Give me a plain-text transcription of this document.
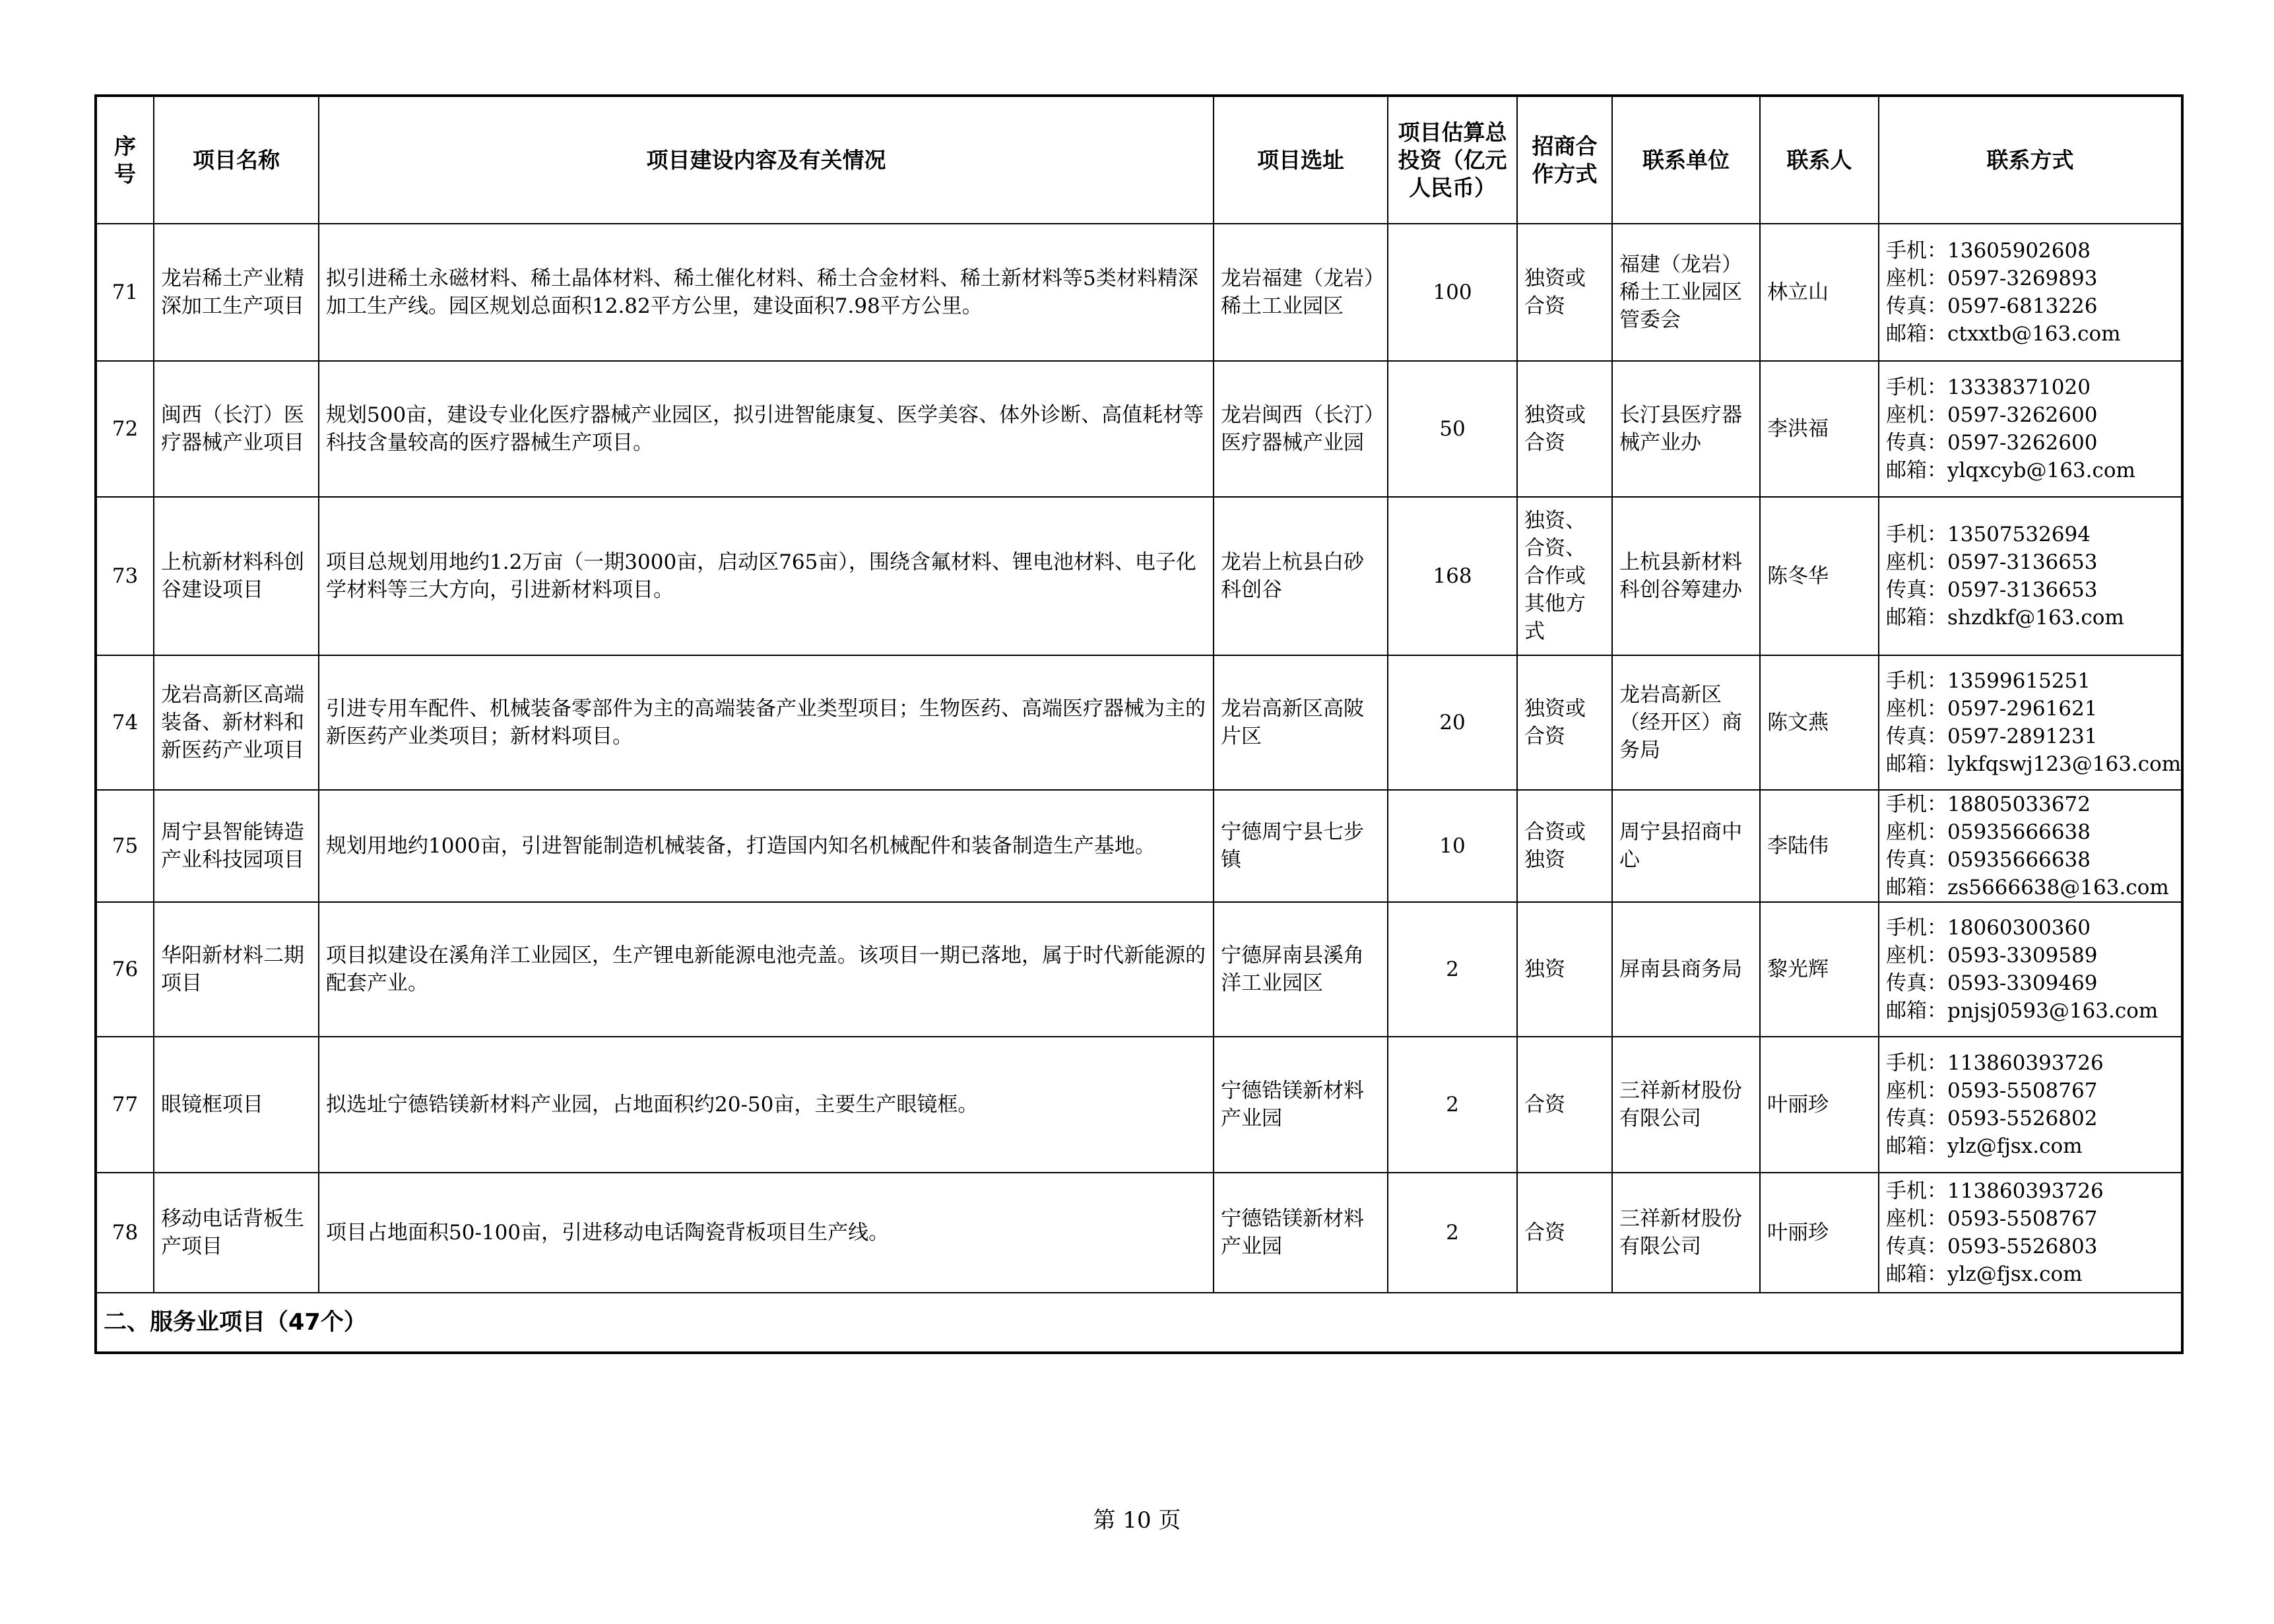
序号	项目名称	项目建设内容及有关情况	项目选址	项目估算总投资（亿元人民币）	招商合作方式	联系单位	联系人	联系方式
71	龙岩稀土产业精深加工生产项目	拟引进稀土永磁材料、稀土晶体材料、稀土催化材料、稀土合金材料、稀土新材料等5类材料精深加工生产线。园区规划总面积12.82平方公里，建设面积7.98平方公里。	龙岩福建（龙岩）稀土工业园区	100	独资或合资	福建（龙岩）稀土工业园区管委会	林立山	手机：13605902608
座机：0597-3269893
传真：0597-6813226
邮箱：ctxxtb@163.com

72	闽西（长汀）医疗器械产业项目	规划500亩，建设专业化医疗器械产业园区，拟引进智能康复、医学美容、体外诊断、高值耗材等科技含量较高的医疗器械生产项目。	龙岩闽西（长汀）医疗器械产业园	50	独资或合资	长汀县医疗器械产业办	李洪福	手机：13338371020
座机：0597-3262600
传真：0597-3262600
邮箱：ylqxcyb@163.com

73	上杭新材料科创谷建设项目	项目总规划用地约1.2万亩（一期3000亩，启动区765亩），围绕含氟材料、锂电池材料、电子化学材料等三大方向，引进新材料项目。	龙岩上杭县白砂科创谷	168	独资、合资、合作或其他方式	上杭县新材料科创谷筹建办	陈冬华	手机：13507532694
座机：0597-3136653
传真：0597-3136653
邮箱：shzdkf@163.com

74	龙岩高新区高端装备、新材料和新医药产业项目	引进专用车配件、机械装备零部件为主的高端装备产业类型项目；生物医药、高端医疗器械为主的新医药产业类项目；新材料项目。	龙岩高新区高陂片区	20	独资或合资	龙岩高新区（经开区）商务局	陈文燕	手机：13599615251
座机：0597-2961621
传真：0597-2891231
邮箱：lykfqswj123@163.com

75	周宁县智能铸造产业科技园项目	规划用地约1000亩，引进智能制造机械装备，打造国内知名机械配件和装备制造生产基地。	宁德周宁县七步镇	10	合资或独资	周宁县招商中心	李陆伟	手机：18805033672
座机：05935666638
传真：05935666638
邮箱：zs5666638@163.com

76	华阳新材料二期项目	项目拟建设在溪角洋工业园区，生产锂电新能源电池壳盖。该项目一期已落地，属于时代新能源的配套产业。	宁德屏南县溪角洋工业园区	2	独资	屏南县商务局	黎光辉	手机：18060300360
座机：0593-3309589
传真：0593-3309469
邮箱：pnjsj0593@163.com

77	眼镜框项目	拟选址宁德锆镁新材料产业园，占地面积约20-50亩，主要生产眼镜框。	宁德锆镁新材料产业园	2	合资	三祥新材股份有限公司	叶丽珍	手机：113860393726
座机：0593-5508767
传真：0593-5526802
邮箱：ylz@fjsx.com

78	移动电话背板生产项目	项目占地面积50-100亩，引进移动电话陶瓷背板项目生产线。	宁德锆镁新材料产业园	2	合资	三祥新材股份有限公司	叶丽珍	手机：113860393726
座机：0593-5508767
传真：0593-5526803
邮箱：ylz@fjsx.com

二、服务业项目（47个）								
第 10 页
